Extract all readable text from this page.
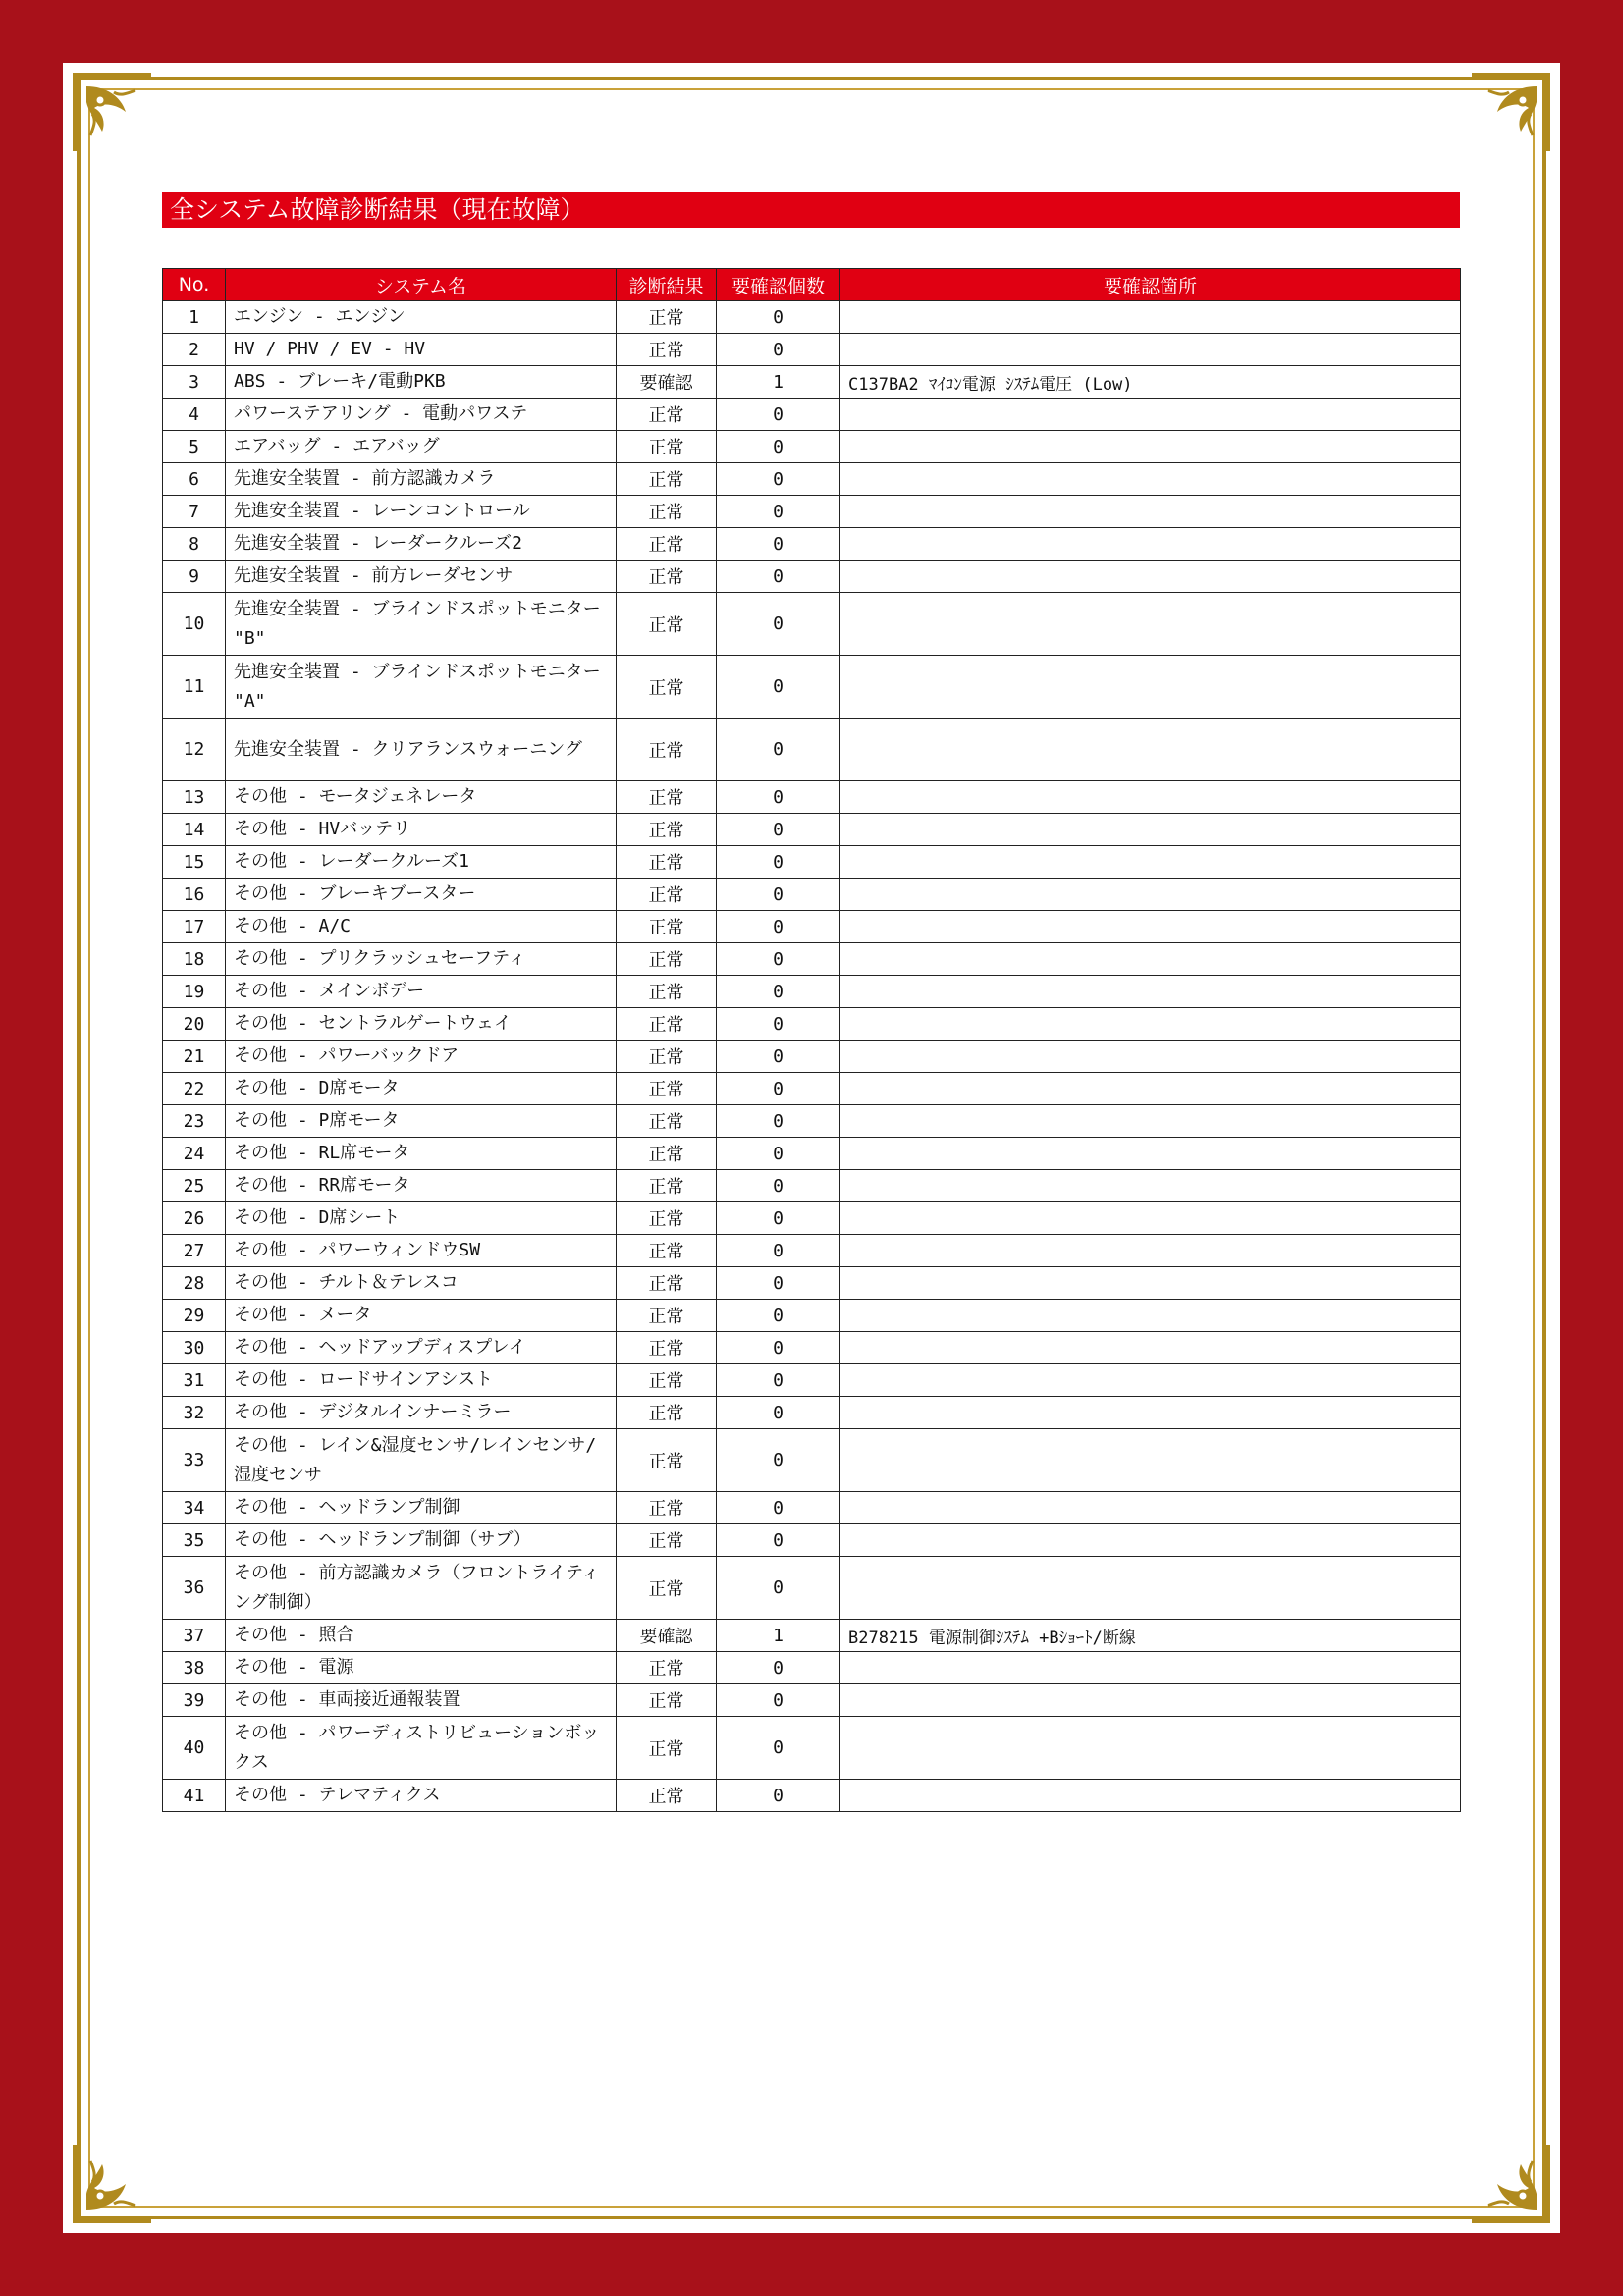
全システム故障診断結果（現在故障）
No.	システム名	診断結果	要確認個数	要確認箇所
1	エンジン - エンジン	正常	0	
2	HV / PHV / EV - HV	正常	0	
3	ABS - ブレーキ/電動PKB	要確認	1	C137BA2 ﾏｲｺﾝ電源 ｼｽﾃﾑ電圧 (Low)
4	パワーステアリング - 電動パワステ	正常	0	
5	エアバッグ - エアバッグ	正常	0	
6	先進安全装置 - 前方認識カメラ	正常	0	
7	先進安全装置 - レーンコントロール	正常	0	
8	先進安全装置 - レーダークルーズ2	正常	0	
9	先進安全装置 - 前方レーダセンサ	正常	0	
10	先進安全装置 - ブラインドスポットモニター "B"	正常	0	
11	先進安全装置 - ブラインドスポットモニター "A"	正常	0	
12	先進安全装置 - クリアランスウォーニング	正常	0	
13	その他 - モータジェネレータ	正常	0	
14	その他 - HVバッテリ	正常	0	
15	その他 - レーダークルーズ1	正常	0	
16	その他 - ブレーキブースター	正常	0	
17	その他 - A/C	正常	0	
18	その他 - プリクラッシュセーフティ	正常	0	
19	その他 - メインボデー	正常	0	
20	その他 - セントラルゲートウェイ	正常	0	
21	その他 - パワーバックドア	正常	0	
22	その他 - D席モータ	正常	0	
23	その他 - P席モータ	正常	0	
24	その他 - RL席モータ	正常	0	
25	その他 - RR席モータ	正常	0	
26	その他 - D席シート	正常	0	
27	その他 - パワーウィンドウSW	正常	0	
28	その他 - チルト＆テレスコ	正常	0	
29	その他 - メータ	正常	0	
30	その他 - ヘッドアップディスプレイ	正常	0	
31	その他 - ロードサインアシスト	正常	0	
32	その他 - デジタルインナーミラー	正常	0	
33	その他 - レイン&湿度センサ/レインセンサ/湿度センサ	正常	0	
34	その他 - ヘッドランプ制御	正常	0	
35	その他 - ヘッドランプ制御（サブ）	正常	0	
36	その他 - 前方認識カメラ（フロントライティング制御）	正常	0	
37	その他 - 照合	要確認	1	B278215 電源制御ｼｽﾃﾑ +Bｼｮｰﾄ/断線
38	その他 - 電源	正常	0	
39	その他 - 車両接近通報装置	正常	0	
40	その他 - パワーディストリビューションボックス	正常	0	
41	その他 - テレマティクス	正常	0	
